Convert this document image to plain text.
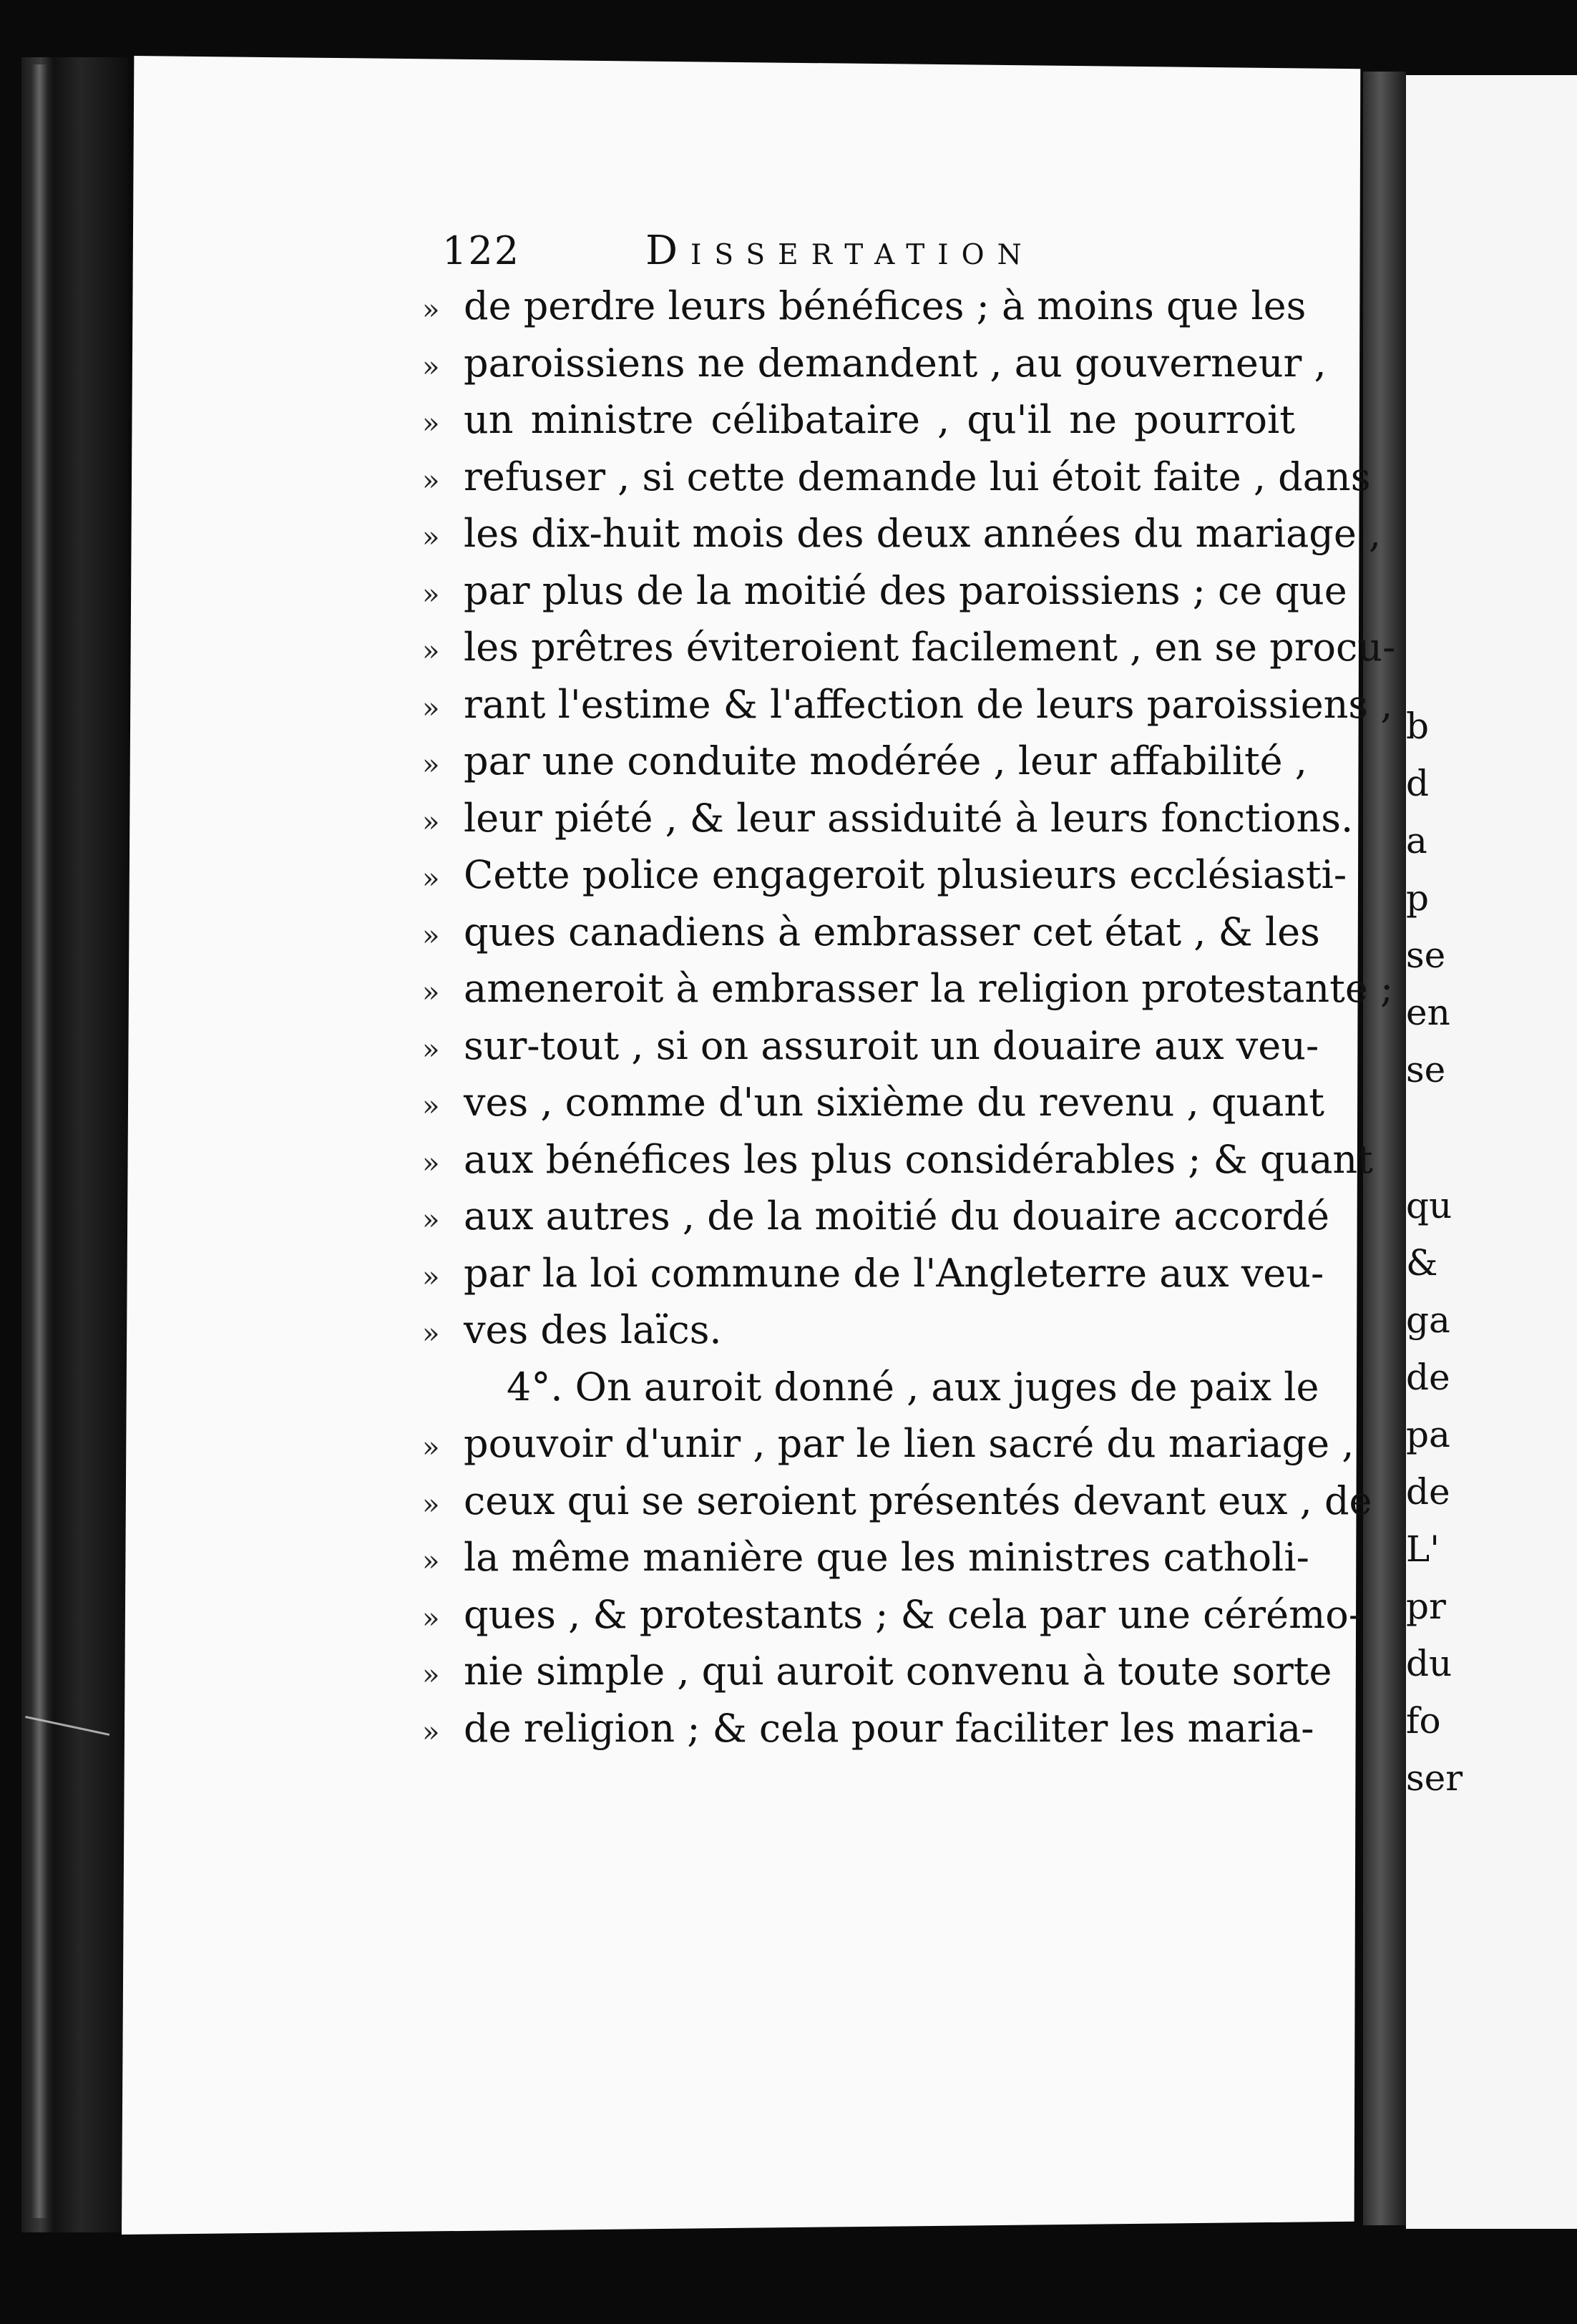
b
d
a
p
se
en
se
qu
&
ga
de
pa
de
L'
pr
du
fo
ser
122	Dissertation
» de perdre leurs bénéfices ; à moins que les
» paroissiens ne demandent , au gouverneur ,
» un ministre célibataire , qu'il ne pourroit
» refuser , si cette demande lui étoit faite , dans
» les dix-huit mois des deux années du mariage ,
» par plus de la moitié des paroissiens ; ce que
» les prêtres éviteroient facilement , en se procu-
» rant l'estime & l'affection de leurs paroissiens ,
» par une conduite modérée , leur affabilité ,
» leur piété , & leur assiduité à leurs fonctions.
» Cette police engageroit plusieurs ecclésiasti-
» ques canadiens à embrasser cet état , & les
» ameneroit à embrasser la religion protestante ;
» sur-tout , si on assuroit un douaire aux veu-
» ves , comme d'un sixième du revenu , quant
» aux bénéfices les plus considérables ; & quant
» aux autres , de la moitié du douaire accordé
» par la loi commune de l'Angleterre aux veu-
» ves des laïcs.
4°. On auroit donné , aux juges de paix le
» pouvoir d'unir , par le lien sacré du mariage ,
» ceux qui se seroient présentés devant eux , de
» la même manière que les ministres catholi-
» ques , & protestants ; & cela par une cérémo-
» nie simple , qui auroit convenu à toute sorte
» de religion ; & cela pour faciliter les maria-
